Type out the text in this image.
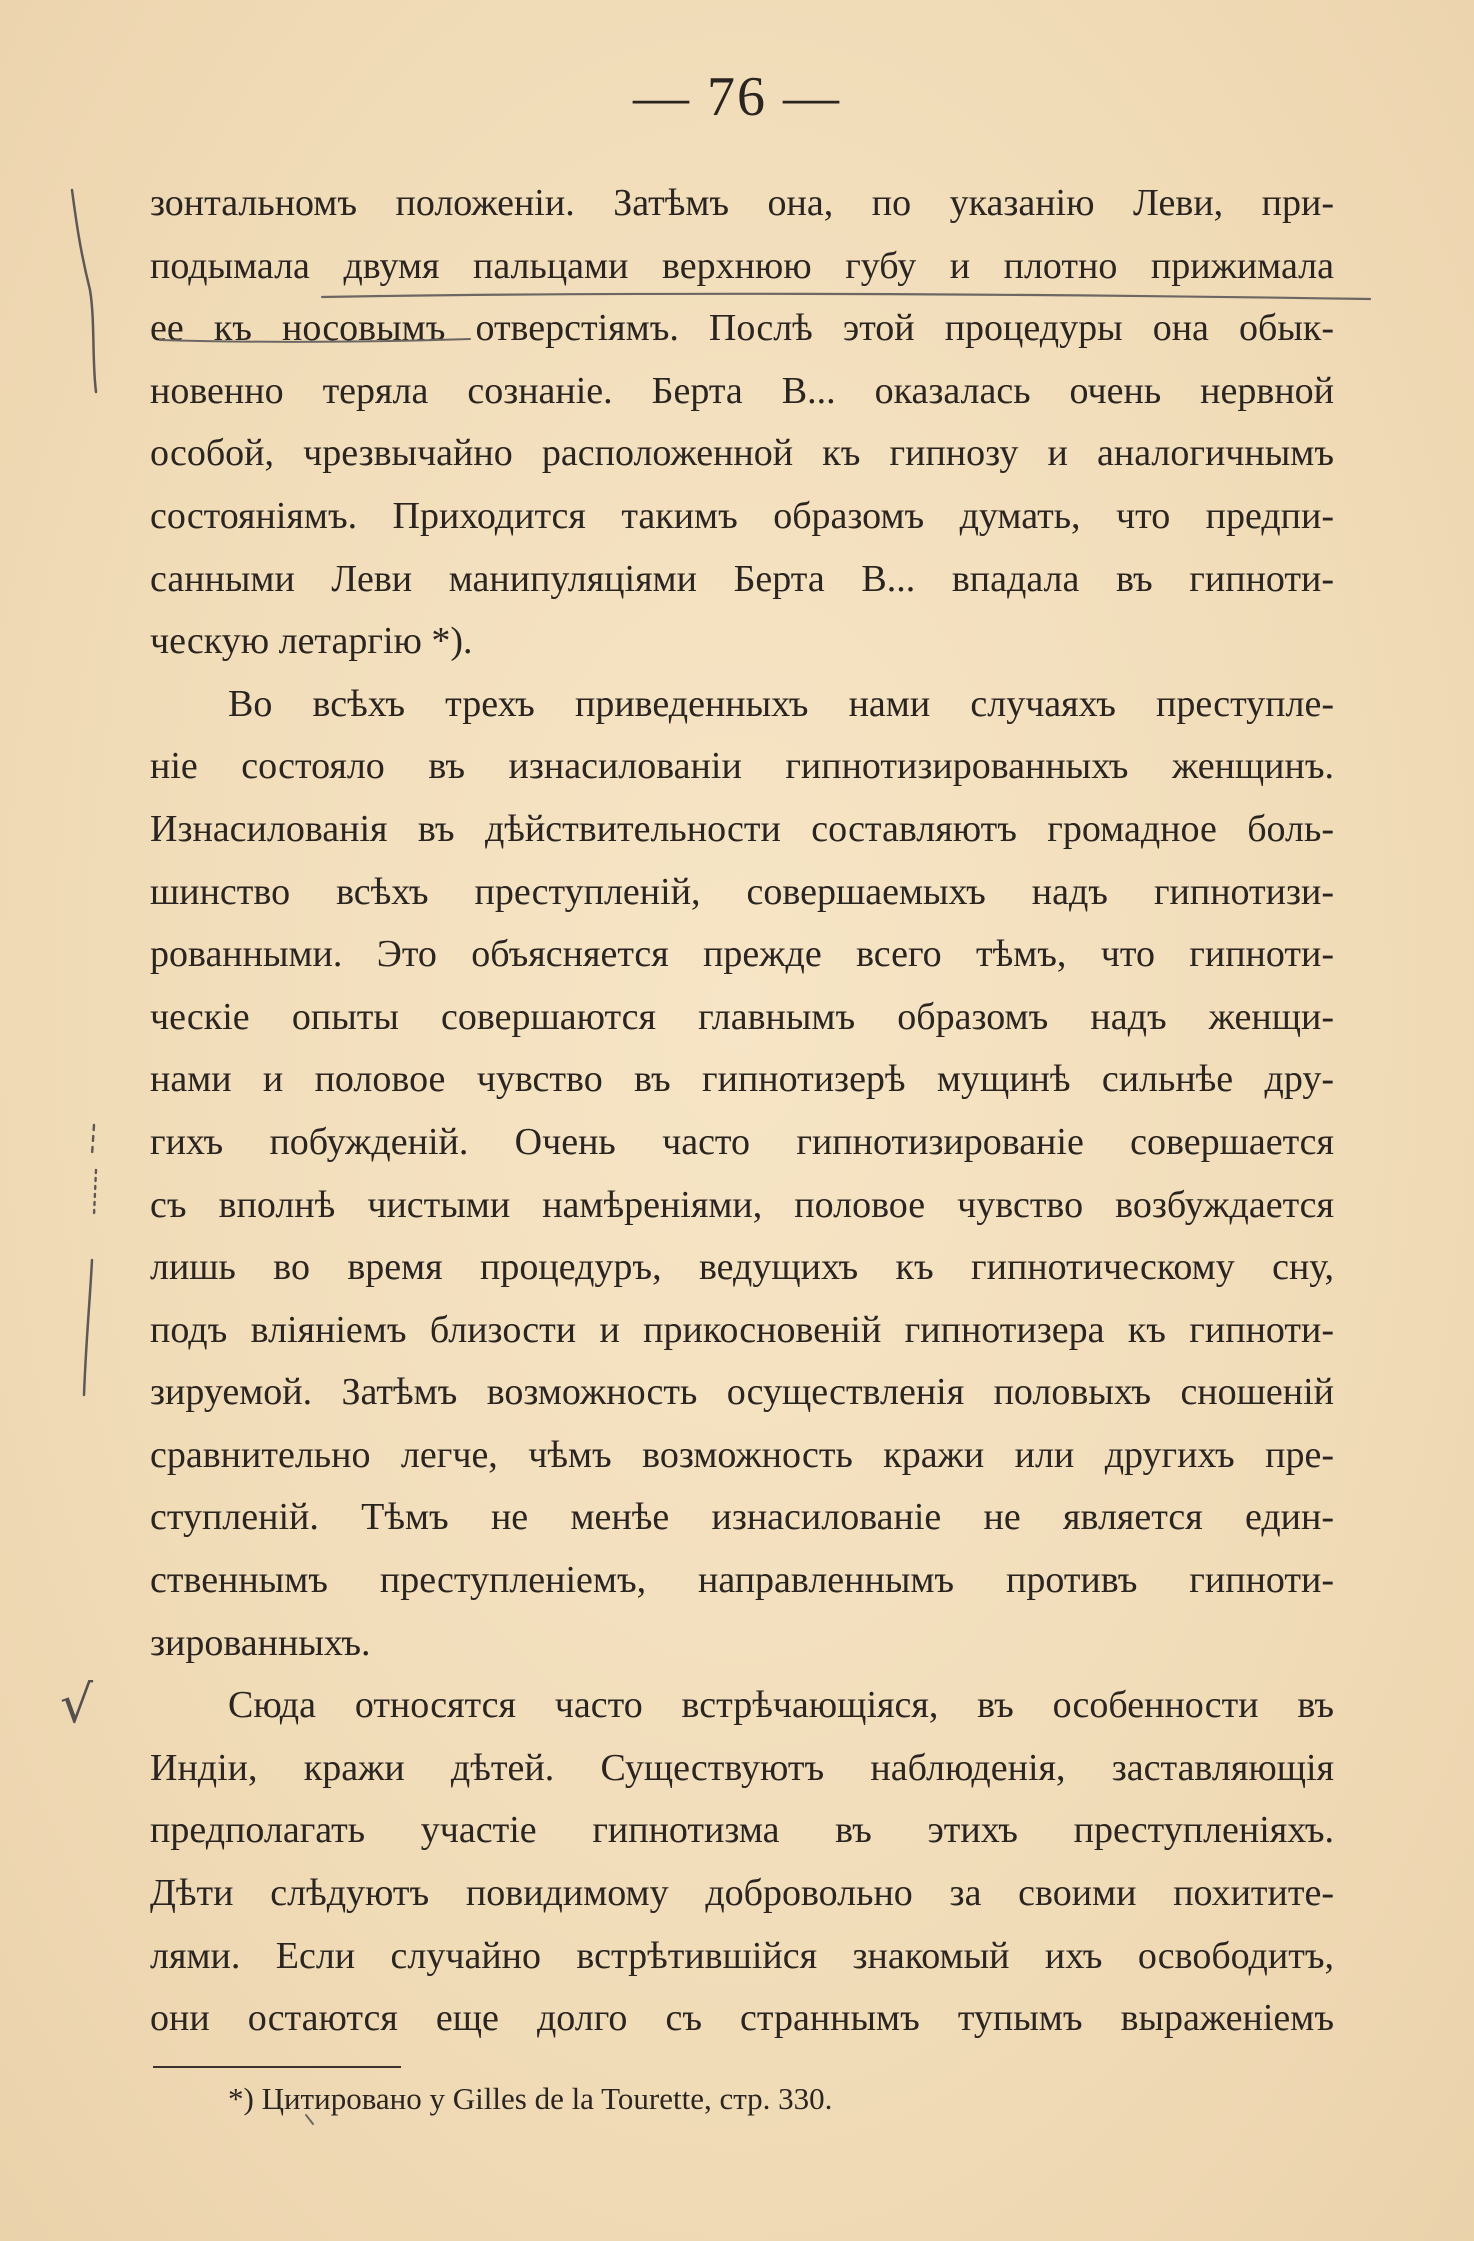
— 76 —
зонтальномъ положенiи. Затѣмъ она, по указанiю Леви, при-
подымала двумя пальцами верхнюю губу и плотно прижимала
ее къ носовымъ отверстiямъ. Послѣ этой процедуры она обык-
новенно теряла сознанiе. Берта В... оказалась очень нервной
особой, чрезвычайно расположенной къ гипнозу и аналогичнымъ
состоянiямъ. Приходится такимъ образомъ думать, что предпи-
санными Леви манипуляцiями Берта В... впадала въ гипноти-
ческую летаргiю *).
Во всѣхъ трехъ приведенныхъ нами случаяхъ преступле-
нiе состояло въ изнасилованiи гипнотизированныхъ женщинъ.
Изнасилованiя въ дѣйствительности составляютъ громадное боль-
шинство всѣхъ преступленiй, совершаемыхъ надъ гипнотизи-
рованными. Это объясняется прежде всего тѣмъ, что гипноти-
ческiе опыты совершаются главнымъ образомъ надъ женщи-
нами и половое чувство въ гипнотизерѣ мущинѣ сильнѣе дру-
гихъ побужденiй. Очень часто гипнотизированiе совершается
съ вполнѣ чистыми намѣренiями, половое чувство возбуждается
лишь во время процедуръ, ведущихъ къ гипнотическому сну,
подъ влiянiемъ близости и прикосновенiй гипнотизера къ гипноти-
зируемой. Затѣмъ возможность осуществленiя половыхъ сношенiй
сравнительно легче, чѣмъ возможность кражи или другихъ пре-
ступленiй. Тѣмъ не менѣе изнасилованiе не является един-
ственнымъ преступленiемъ, направленнымъ противъ гипноти-
зированныхъ.
Сюда относятся часто встрѣчающiяся, въ особенности въ
Индiи, кражи дѣтей. Существуютъ наблюденiя, заставляющiя
предполагать участiе гипнотизма въ этихъ преступленiяхъ.
Дѣти слѣдуютъ повидимому добровольно за своими похитите-
лями. Если случайно встрѣтившiйся знакомый ихъ освободитъ,
они остаются еще долго съ страннымъ тупымъ выраженiемъ
*) Цитировано у Gilles de la Tourette, стр. 330.
√
